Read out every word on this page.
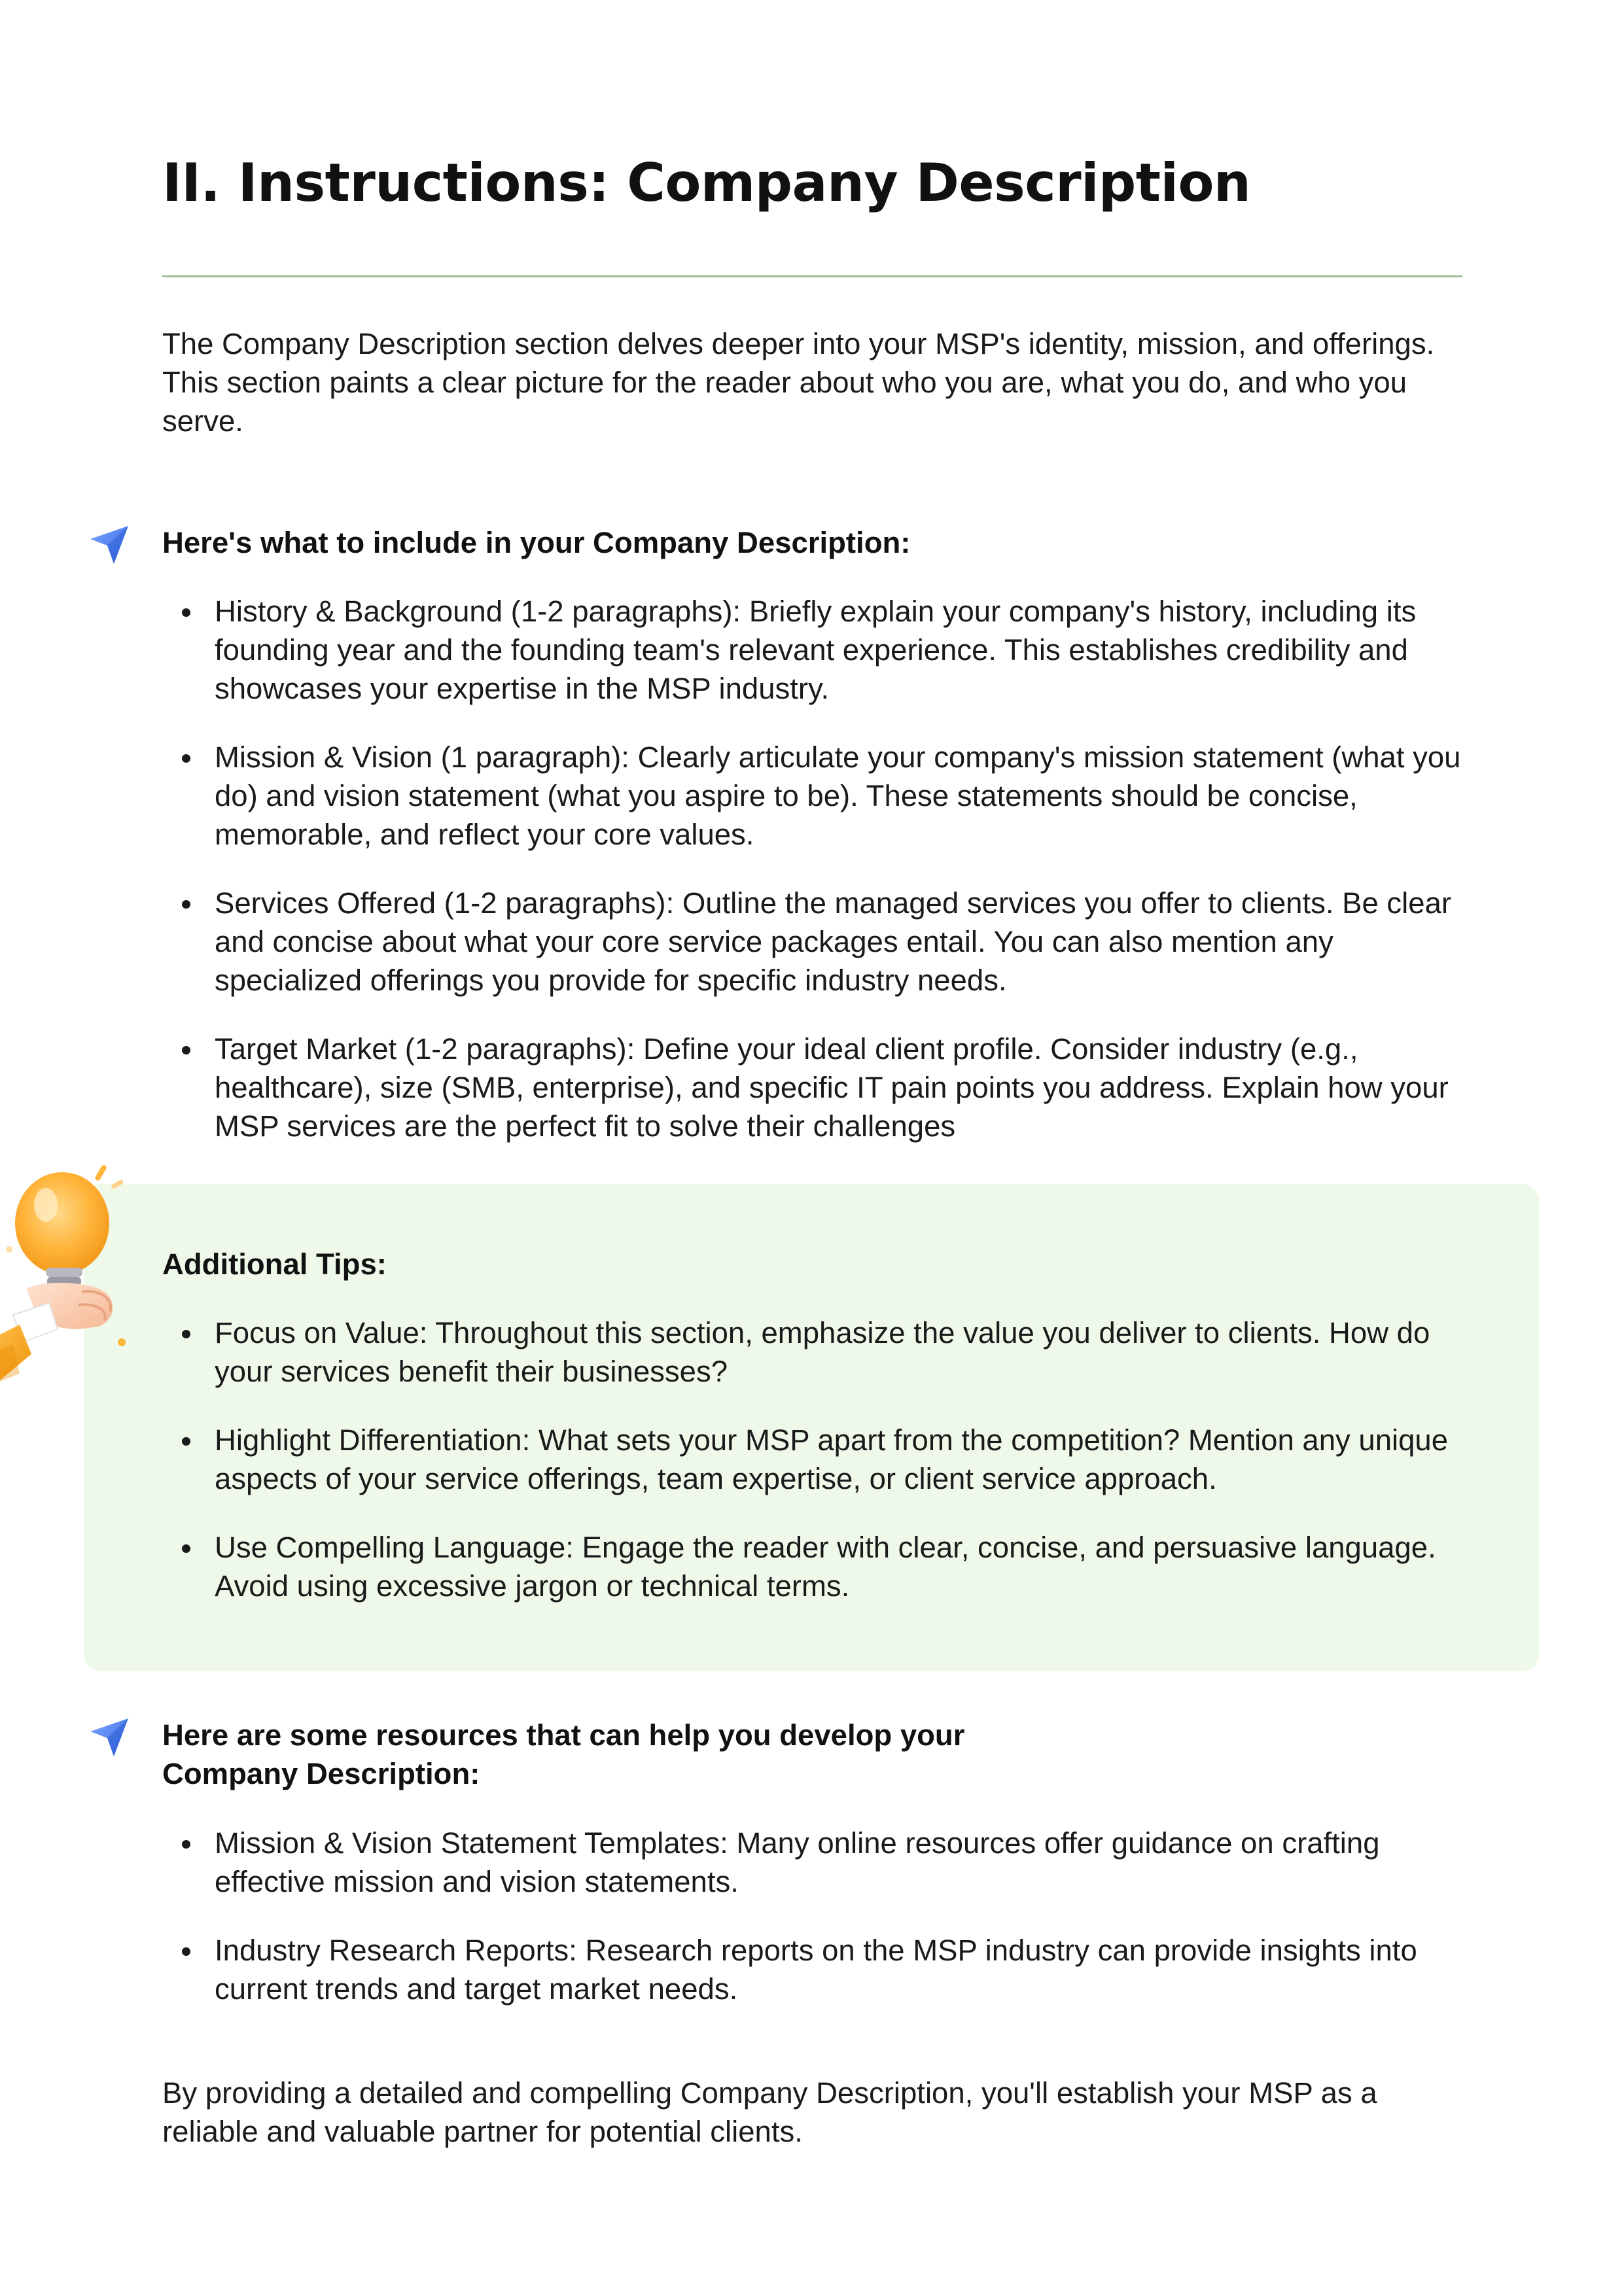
II. Instructions: Company Description

The Company Description section delves deeper into your MSP's identity, mission, and offerings. This section paints a clear picture for the reader about who you are, what you do, and who you serve.

Here's what to include in your Company Description:
History & Background (1-2 paragraphs): Briefly explain your company's history, including its founding year and the founding team's relevant experience. This establishes credibility and showcases your expertise in the MSP industry.
Mission & Vision (1 paragraph): Clearly articulate your company's mission statement (what you do) and vision statement (what you aspire to be). These statements should be concise, memorable, and reflect your core values.
Services Offered (1-2 paragraphs): Outline the managed services you offer to clients. Be clear and concise about what your core service packages entail. You can also mention any specialized offerings you provide for specific industry needs.
Target Market (1-2 paragraphs): Define your ideal client profile. Consider industry (e.g., healthcare), size (SMB, enterprise), and specific IT pain points you address. Explain how your MSP services are the perfect fit to solve their challenges
Additional Tips:
Focus on Value: Throughout this section, emphasize the value you deliver to clients. How do your services benefit their businesses?
Highlight Differentiation: What sets your MSP apart from the competition? Mention any unique aspects of your service offerings, team expertise, or client service approach.
Use Compelling Language: Engage the reader with clear, concise, and persuasive language. Avoid using excessive jargon or technical terms.
Here are some resources that can help you develop your
Company Description:
Mission & Vision Statement Templates: Many online resources offer guidance on crafting effective mission and vision statements.
Industry Research Reports: Research reports on the MSP industry can provide insights into current trends and target market needs.

By providing a detailed and compelling Company Description, you'll establish your MSP as a reliable and valuable partner for potential clients.
